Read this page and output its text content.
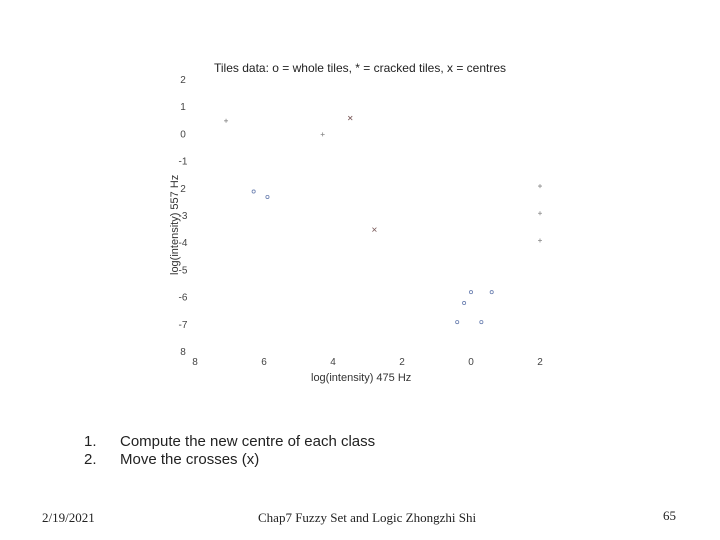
Tiles data: o = whole tiles, * = cracked tiles, x = centres
2
1
0
-1
2
-3
-4
-5
-6
-7
8
8	6	4	2	0	2
log(intensity) 475 Hz
log(intensity) 557 Hz
1.	Compute the new centre of each class
2.	Move the crosses (x)
2/19/2021	Chap7 Fuzzy Set and Logic Zhongzhi Shi	65
